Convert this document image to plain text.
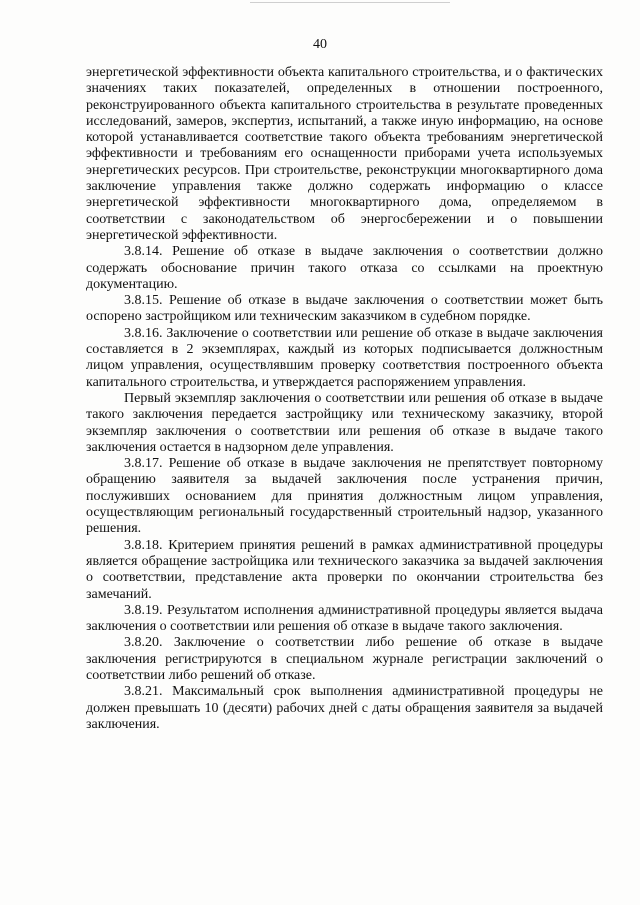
40

энергетической эффективности объекта капитального строительства, и о фактических значениях таких показателей, определенных в отношении построенного, реконструированного объекта капитального строительства в результате проведенных исследований, замеров, экспертиз, испытаний, а также иную информацию, на основе которой устанавливается соответствие такого объекта требованиям энергетической эффективности и требованиям его оснащенности приборами учета используемых энергетических ресурсов. При строительстве, реконструкции многоквартирного дома заключение управления также должно содержать информацию о классе энергетической эффективности многоквартирного дома, определяемом в соответствии с законодательством об энергосбережении и о повышении энергетической эффективности.

3.8.14. Решение об отказе в выдаче заключения о соответствии должно содержать обоснование причин такого отказа со ссылками на проектную документацию.

3.8.15. Решение об отказе в выдаче заключения о соответствии может быть оспорено застройщиком или техническим заказчиком в судебном порядке.

3.8.16. Заключение о соответствии или решение об отказе в выдаче заключения составляется в 2 экземплярах, каждый из которых подписывается должностным лицом управления, осуществлявшим проверку соответствия построенного объекта капитального строительства, и утверждается распоряжением управления.

Первый экземпляр заключения о соответствии или решения об отказе в выдаче такого заключения передается застройщику или техническому заказчику, второй экземпляр заключения о соответствии или решения об отказе в выдаче такого заключения остается в надзорном деле управления.

3.8.17. Решение об отказе в выдаче заключения не препятствует повторному обращению заявителя за выдачей заключения после устранения причин, послуживших основанием для принятия должностным лицом управления, осуществляющим региональный государственный строительный надзор, указанного решения.

3.8.18. Критерием принятия решений в рамках административной процедуры является обращение застройщика или технического заказчика за выдачей заключения о соответствии, представление акта проверки по окончании строительства без замечаний.

3.8.19. Результатом исполнения административной процедуры является выдача заключения о соответствии или решения об отказе в выдаче такого заключения.

3.8.20. Заключение о соответствии либо решение об отказе в выдаче заключения регистрируются в специальном журнале регистрации заключений о соответствии либо решений об отказе.

3.8.21. Максимальный срок выполнения административной процедуры не должен превышать 10 (десяти) рабочих дней с даты обращения заявителя за выдачей заключения.
